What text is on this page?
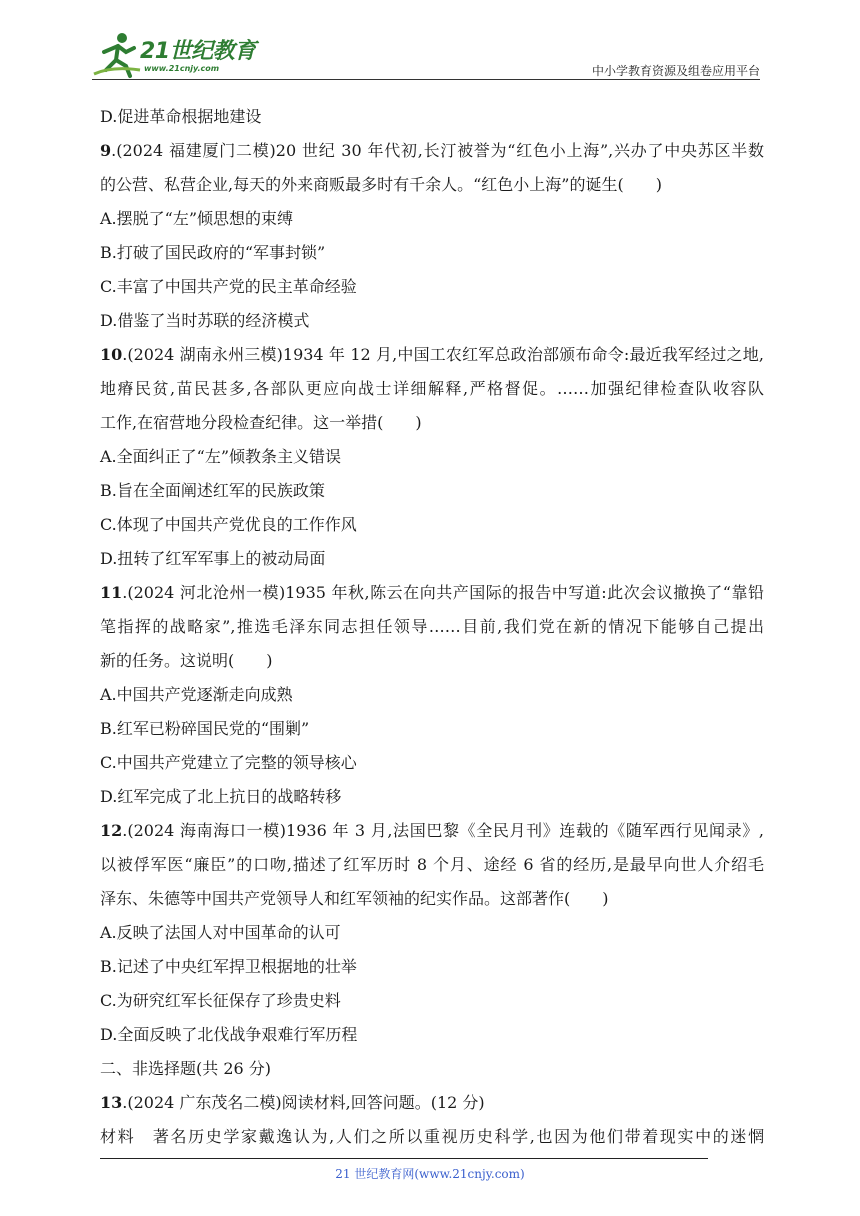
21世纪教育
www.21cnjy.com	中小学教育资源及组卷应用平台
D.促进革命根据地建设
9.(2024 福建厦门二模)20 世纪 30 年代初,长汀被誉为“红色小上海”,兴办了中央苏区半数
的公营、私营企业,每天的外来商贩最多时有千余人。“红色小上海”的诞生(　　)
A.摆脱了“左”倾思想的束缚
B.打破了国民政府的“军事封锁”
C.丰富了中国共产党的民主革命经验
D.借鉴了当时苏联的经济模式
10.(2024 湖南永州三模)1934 年 12 月,中国工农红军总政治部颁布命令:最近我军经过之地,
地瘠民贫,苗民甚多,各部队更应向战士详细解释,严格督促。……加强纪律检查队收容队
工作,在宿营地分段检查纪律。这一举措(　　)
A.全面纠正了“左”倾教条主义错误
B.旨在全面阐述红军的民族政策
C.体现了中国共产党优良的工作作风
D.扭转了红军军事上的被动局面
11.(2024 河北沧州一模)1935 年秋,陈云在向共产国际的报告中写道:此次会议撤换了“靠铅
笔指挥的战略家”,推选毛泽东同志担任领导……目前,我们党在新的情况下能够自己提出
新的任务。这说明(　　)
A.中国共产党逐渐走向成熟
B.红军已粉碎国民党的“围剿”
C.中国共产党建立了完整的领导核心
D.红军完成了北上抗日的战略转移
12.(2024 海南海口一模)1936 年 3 月,法国巴黎《全民月刊》连载的《随军西行见闻录》,
以被俘军医“廉臣”的口吻,描述了红军历时 8 个月、途经 6 省的经历,是最早向世人介绍毛
泽东、朱德等中国共产党领导人和红军领袖的纪实作品。这部著作(　　)
A.反映了法国人对中国革命的认可
B.记述了中央红军捍卫根据地的壮举
C.为研究红军长征保存了珍贵史料
D.全面反映了北伐战争艰难行军历程
二、非选择题(共 26 分)
13.(2024 广东茂名二模)阅读材料,回答问题。(12 分)
材料　著名历史学家戴逸认为,人们之所以重视历史科学,也因为他们带着现实中的迷惘
21 世纪教育网(www.21cnjy.com)
